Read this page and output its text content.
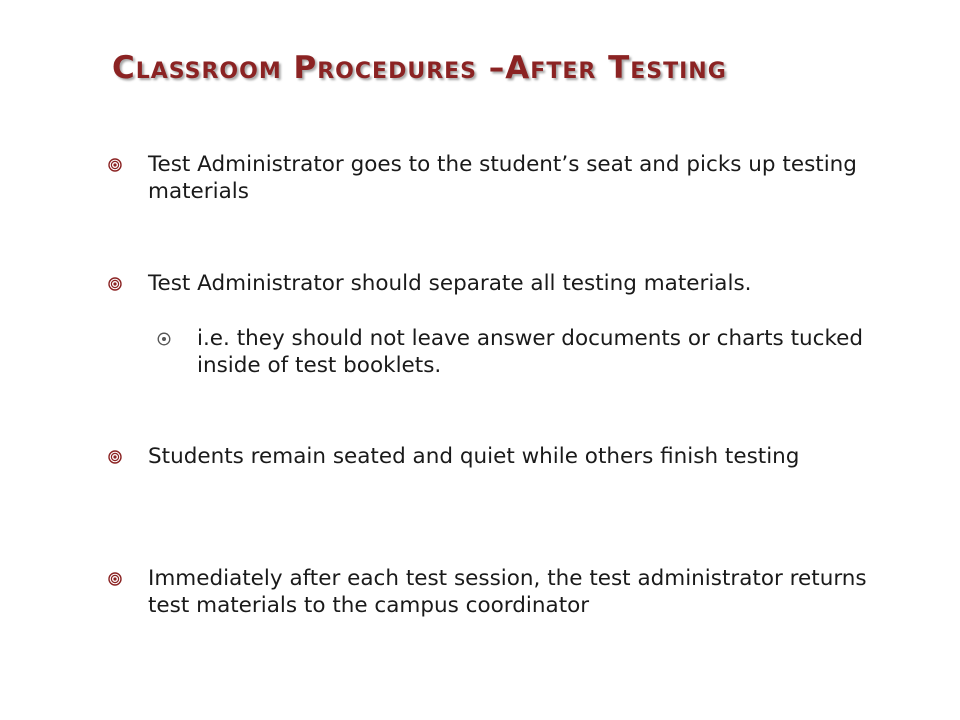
Classroom Procedures –After Testing
Test Administrator goes to the student’s seat and picks up testing materials
Test Administrator should separate all testing materials.
i.e. they should not leave answer documents or charts tucked inside of test booklets.
Students remain seated and quiet while others finish testing
Immediately after each test session, the test administrator returns test materials to the campus coordinator
